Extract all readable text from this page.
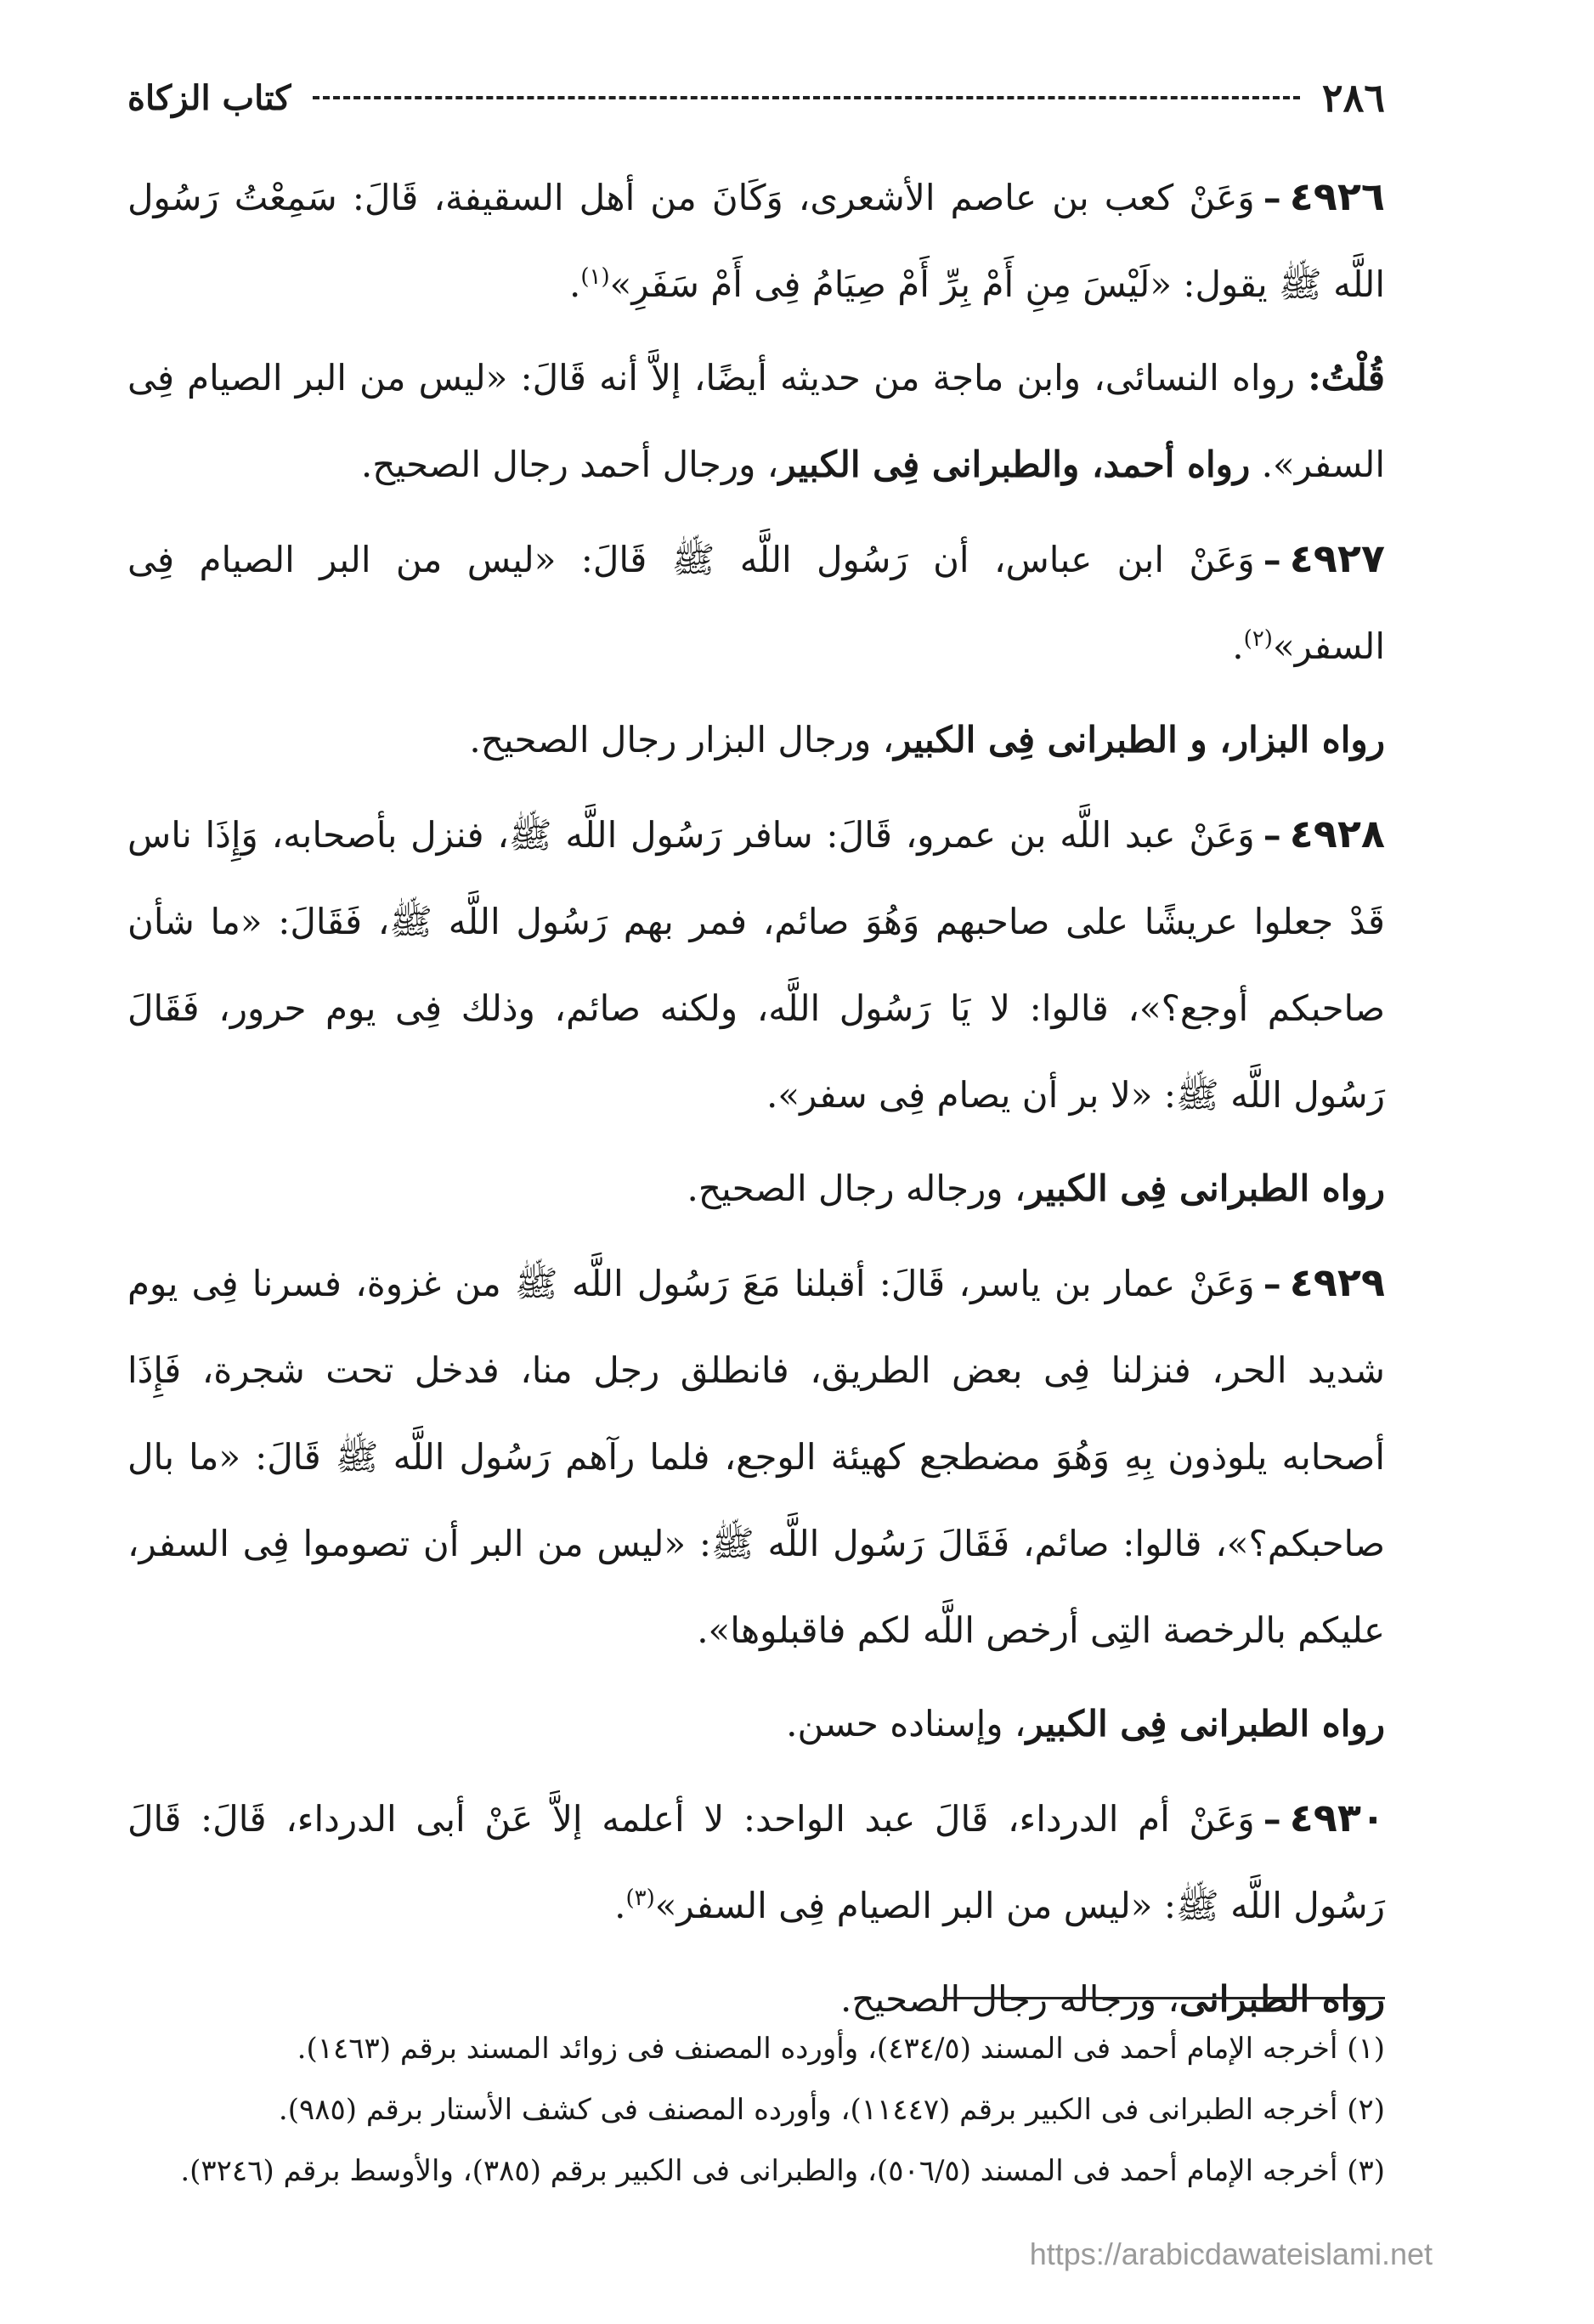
٢٨٦
كتاب الزكاة

٤٩٢٦–وَعَنْ كعب بن عاصم الأشعرى، وَكَانَ من أهل السقيفة، قَالَ: سَمِعْتُ رَسُول اللَّه ﷺ يقول: «لَيْسَ مِنِ أَمْ بِرِّ أَمْ صِيَامُ فِى أَمْ سَفَرِ»$^{(١)}$.

قُلْتُ: رواه النسائى، وابن ماجة من حديثه أيضًا، إلاَّ أنه قَالَ: «ليس من البر الصيام فِى السفر». رواه أحمد، والطبرانى فِى الكبير، ورجال أحمد رجال الصحيح.

٤٩٢٧–وَعَنْ ابن عباس، أن رَسُول اللَّه ﷺ قَالَ: «ليس من البر الصيام فِى السفر»$^{(٢)}$.

رواه البزار، و الطبرانى فِى الكبير، ورجال البزار رجال الصحيح.

٤٩٢٨–وَعَنْ عبد اللَّه بن عمرو، قَالَ: سافر رَسُول اللَّه ﷺ، فنزل بأصحابه، وَإِذَا ناس قَدْ جعلوا عريشًا على صاحبهم وَهُوَ صائم، فمر بهم رَسُول اللَّه ﷺ، فَقَالَ: «ما شأن صاحبكم أوجع؟»، قالوا: لا يَا رَسُول اللَّه، ولكنه صائم، وذلك فِى يوم حرور، فَقَالَ رَسُول اللَّه ﷺ: «لا بر أن يصام فِى سفر».

رواه الطبرانى فِى الكبير، ورجاله رجال الصحيح.

٤٩٢٩–وَعَنْ عمار بن ياسر، قَالَ: أقبلنا مَعَ رَسُول اللَّه ﷺ من غزوة، فسرنا فِى يوم شديد الحر، فنزلنا فِى بعض الطريق، فانطلق رجل منا، فدخل تحت شجرة، فَإِذَا أصحابه يلوذون بِهِ وَهُوَ مضطجع كهيئة الوجع، فلما رآهم رَسُول اللَّه ﷺ قَالَ: «ما بال صاحبكم؟»، قالوا: صائم، فَقَالَ رَسُول اللَّه ﷺ: «ليس من البر أن تصوموا فِى السفر، عليكم بالرخصة التِى أرخص اللَّه لكم فاقبلوها».

رواه الطبرانى فِى الكبير، وإسناده حسن.

٤٩٣٠–وَعَنْ أم الدرداء، قَالَ عبد الواحد: لا أعلمه إلاَّ عَنْ أبى الدرداء، قَالَ: قَالَ رَسُول اللَّه ﷺ: «ليس من البر الصيام فِى السفر»$^{(٣)}$.

رواه الطبرانى، ورجاله رجال الصحيح.

(١) أخرجه الإمام أحمد فى المسند (٤٣٤/٥)، وأورده المصنف فى زوائد المسند برقم (١٤٦٣).

(٢) أخرجه الطبرانى فى الكبير برقم (١١٤٤٧)، وأورده المصنف فى كشف الأستار برقم (٩٨٥).

(٣) أخرجه الإمام أحمد فى المسند (٥٠٦/٥)، والطبرانى فى الكبير برقم (٣٨٥)، والأوسط برقم (٣٢٤٦).

https://arabicdawateislami.net
